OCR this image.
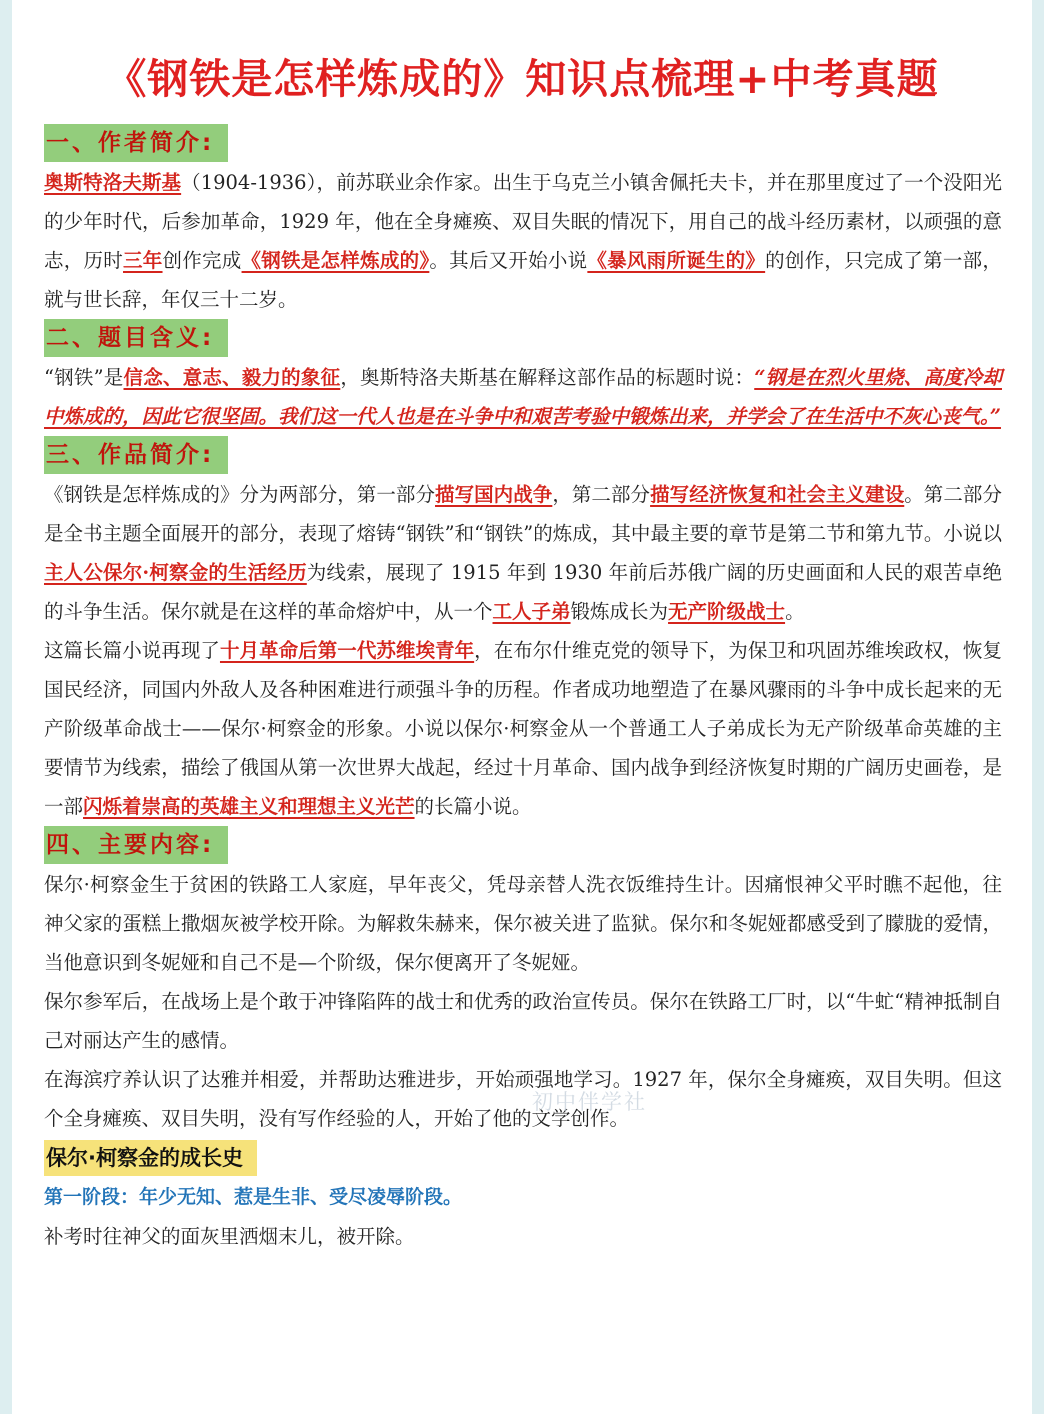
《钢铁是怎样炼成的》知识点梳理+中考真题
一、作者简介:

奥斯特洛夫斯基（1904-1936），前苏联业余作家。出生于乌克兰小镇舍佩托夫卡，并在那里度过了一个没阳光的少年时代，后参加革命，1929 年，他在全身瘫痪、双目失眠的情况下，用自己的战斗经历素材，以顽强的意志，历时三年创作完成《钢铁是怎样炼成的》。其后又开始小说《暴风雨所诞生的》的创作，只完成了第一部，就与世长辞，年仅三十二岁。

二、题目含义:

“钢铁”是信念、意志、毅力的象征，奥斯特洛夫斯基在解释这部作品的标题时说：“钢是在烈火里烧、高度冷却中炼成的，因此它很坚固。我们这一代人也是在斗争中和艰苦考验中锻炼出来，并学会了在生活中不灰心丧气。”

三、作品简介:

《钢铁是怎样炼成的》分为两部分，第一部分描写国内战争，第二部分描写经济恢复和社会主义建设。第二部分是全书主题全面展开的部分，表现了熔铸“钢铁”和“钢铁”的炼成，其中最主要的章节是第二节和第九节。小说以主人公保尔·柯察金的生活经历为线索，展现了 1915 年到 1930 年前后苏俄广阔的历史画面和人民的艰苦卓绝的斗争生活。保尔就是在这样的革命熔炉中，从一个工人子弟锻炼成长为无产阶级战士。

这篇长篇小说再现了十月革命后第一代苏维埃青年，在布尔什维克党的领导下，为保卫和巩固苏维埃政权，恢复国民经济，同国内外敌人及各种困难进行顽强斗争的历程。作者成功地塑造了在暴风骤雨的斗争中成长起来的无产阶级革命战士——保尔·柯察金的形象。小说以保尔·柯察金从一个普通工人子弟成长为无产阶级革命英雄的主要情节为线索，描绘了俄国从第一次世界大战起，经过十月革命、国内战争到经济恢复时期的广阔历史画卷，是一部闪烁着崇高的英雄主义和理想主义光芒的长篇小说。

四、主要内容:

保尔·柯察金生于贫困的铁路工人家庭，早年丧父，凭母亲替人洗衣饭维持生计。因痛恨神父平时瞧不起他，往神父家的蛋糕上撒烟灰被学校开除。为解救朱赫来，保尔被关进了监狱。保尔和冬妮娅都感受到了朦胧的爱情，当他意识到冬妮娅和自己不是—个阶级，保尔便离开了冬妮娅。

保尔参军后，在战场上是个敢于冲锋陷阵的战士和优秀的政治宣传员。保尔在铁路工厂时，以“牛虻“精神抵制自己对丽达产生的感情。

在海滨疗养认识了达雅并相爱，并帮助达雅进步，开始顽强地学习。1927 年，保尔全身瘫痪，双目失明。但这个全身瘫痪、双目失明，没有写作经验的人，开始了他的文学创作。

保尔·柯察金的成长史

第一阶段：年少无知、惹是生非、受尽凌辱阶段。

补考时往神父的面灰里洒烟末儿，被开除。

初中伴学社
